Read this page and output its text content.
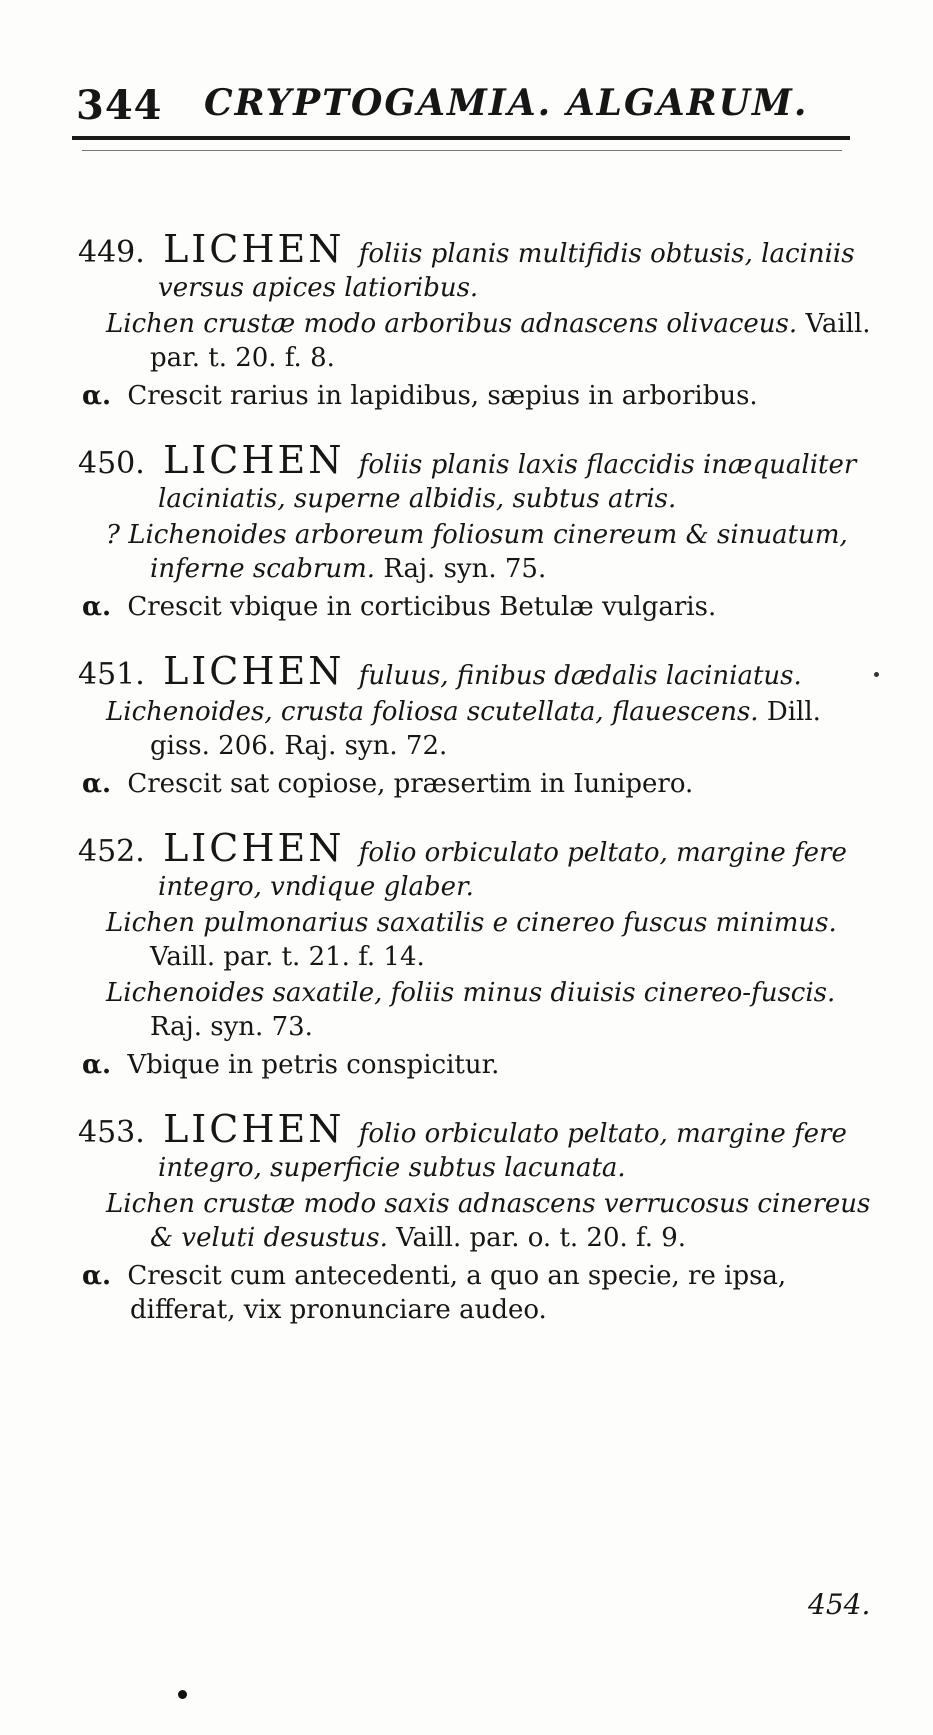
344 CRYPTOGAMIA. ALGARUM.
449. LICHEN foliis planis multifidis obtusis, laciniis versus apices latioribus.
Lichen crustæ modo arboribus adnascens olivaceus. Vaill. par. t. 20. f. 8.
α. Crescit rarius in lapidibus, sæpius in arboribus.
450. LICHEN foliis planis laxis flaccidis inæqualiter laciniatis, superne albidis, subtus atris.
? Lichenoides arboreum foliosum cinereum & sinuatum, inferne scabrum. Raj. syn. 75.
α. Crescit vbique in corticibus Betulæ vulgaris.
451. LICHEN fuluus, finibus dædalis laciniatus.
Lichenoides, crusta foliosa scutellata, flauescens. Dill. giss. 206. Raj. syn. 72.
α. Crescit sat copiose, præsertim in Iunipero.
452. LICHEN folio orbiculato peltato, margine fere integro, vndique glaber.
Lichen pulmonarius saxatilis e cinereo fuscus minimus. Vaill. par. t. 21. f. 14.
Lichenoides saxatile, foliis minus diuisis cinereo-fuscis. Raj. syn. 73.
α. Vbique in petris conspicitur.
453. LICHEN folio orbiculato peltato, margine fere integro, superficie subtus lacunata.
Lichen crustæ modo saxis adnascens verrucosus cinereus & veluti desustus. Vaill. par. o. t. 20. f. 9.
α. Crescit cum antecedenti, a quo an specie, re ipsa, differat, vix pronunciare audeo.
454.
